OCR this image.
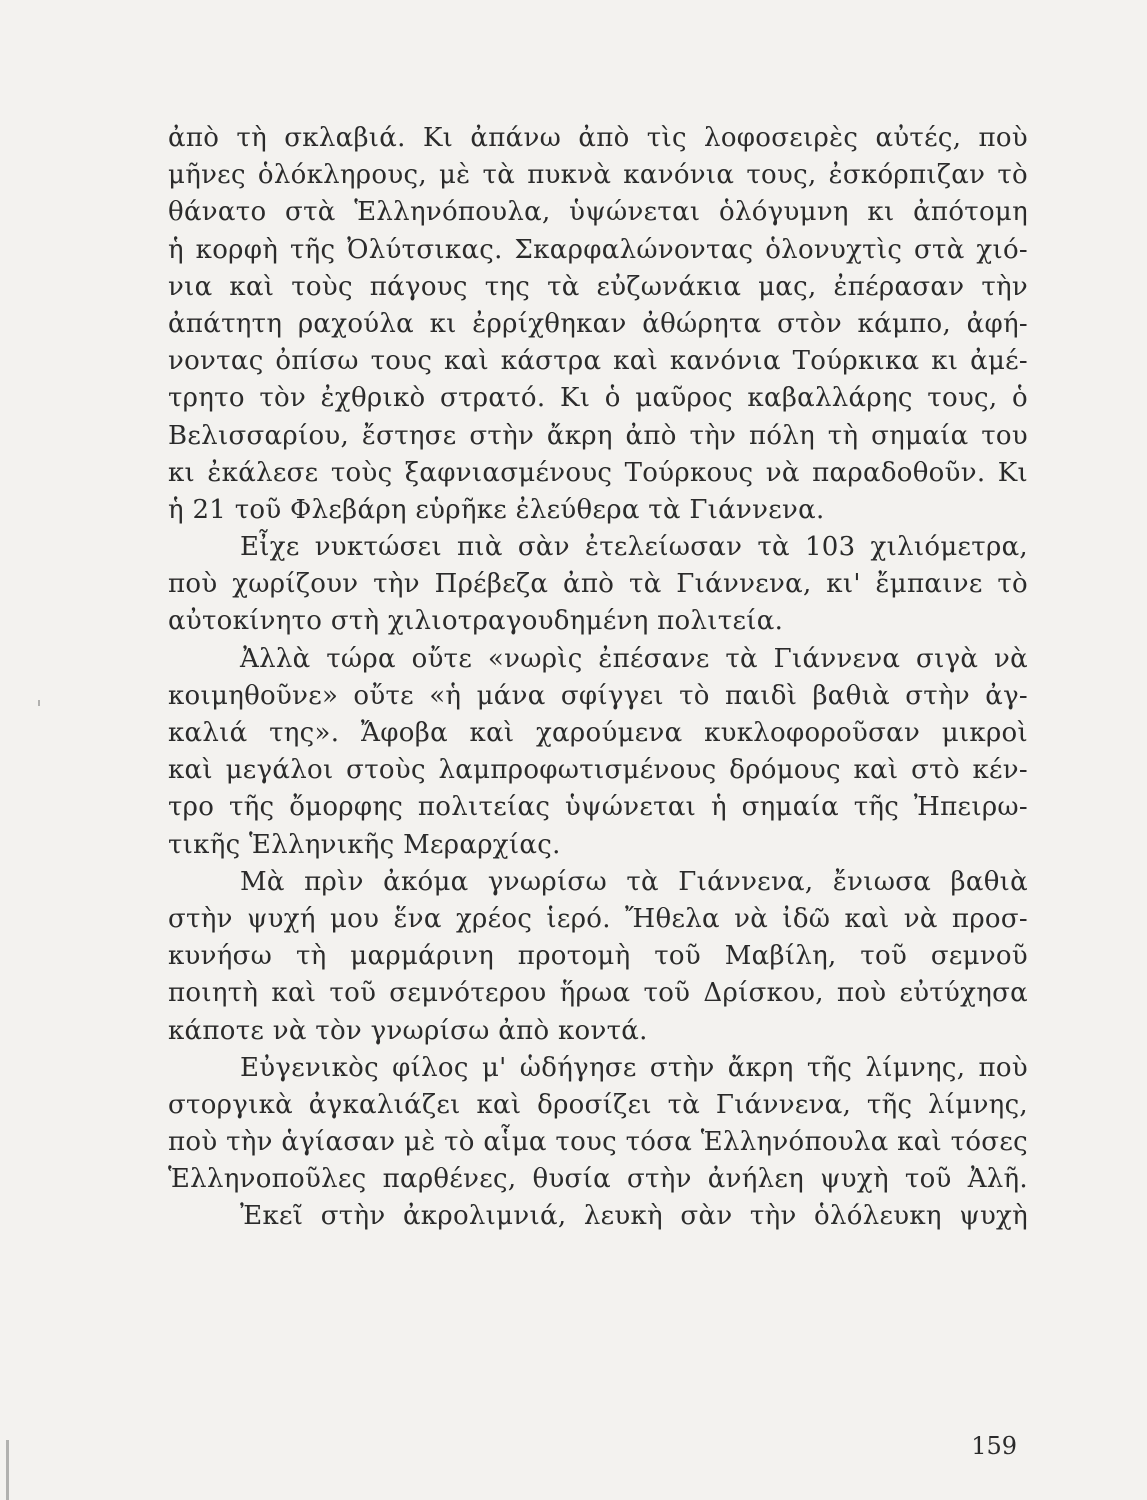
ἀπὸ τὴ σκλαβιά. Κι ἀπάνω ἀπὸ τὶς λοφοσειρὲς αὐτές, ποὺ
μῆνες ὁλόκληρους, μὲ τὰ πυκνὰ κανόνια τους, ἐσκόρπιζαν τὸ
θάνατο στὰ Ἑλληνόπουλα, ὑψώνεται ὁλόγυμνη κι ἀπότομη
ἡ κορφὴ τῆς Ὀλύτσικας. Σκαρφαλώνοντας ὁλονυχτὶς στὰ χιό-
νια καὶ τοὺς πάγους της τὰ εὐζωνάκια μας, ἐπέρασαν τὴν
ἀπάτητη ραχούλα κι ἐρρίχθηκαν ἀθώρητα στὸν κάμπο, ἀφή-
νοντας ὀπίσω τους καὶ κάστρα καὶ κανόνια Τούρκικα κι ἀμέ-
τρητο τὸν ἐχθρικὸ στρατό. Κι ὁ μαῦρος καβαλλάρης τους, ὁ
Βελισσαρίου, ἔστησε στὴν ἄκρη ἀπὸ τὴν πόλη τὴ σημαία του
κι ἐκάλεσε τοὺς ξαφνιασμένους Τούρκους νὰ παραδοθοῦν. Κι
ἡ 21 τοῦ Φλεβάρη εὑρῆκε ἐλεύθερα τὰ Γιάννενα.
Εἶχε νυκτώσει πιὰ σὰν ἐτελείωσαν τὰ 103 χιλιόμετρα,
ποὺ χωρίζουν τὴν Πρέβεζα ἀπὸ τὰ Γιάννενα, κι' ἔμπαινε τὸ
αὐτοκίνητο στὴ χιλιοτραγουδημένη πολιτεία.
Ἀλλὰ τώρα οὔτε «νωρὶς ἐπέσανε τὰ Γιάννενα σιγὰ νὰ
κοιμηθοῦνε» οὔτε «ἡ μάνα σφίγγει τὸ παιδὶ βαθιὰ στὴν ἀγ-
καλιά της». Ἄφοβα καὶ χαρούμενα κυκλοφοροῦσαν μικροὶ
καὶ μεγάλοι στοὺς λαμπροφωτισμένους δρόμους καὶ στὸ κέν-
τρο τῆς ὄμορφης πολιτείας ὑψώνεται ἡ σημαία τῆς Ἠπειρω-
τικῆς Ἑλληνικῆς Μεραρχίας.
Μὰ πρὶν ἀκόμα γνωρίσω τὰ Γιάννενα, ἔνιωσα βαθιὰ
στὴν ψυχή μου ἕνα χρέος ἱερό. Ἤθελα νὰ ἰδῶ καὶ νὰ προσ-
κυνήσω τὴ μαρμάρινη προτομὴ τοῦ Μαβίλη, τοῦ σεμνοῦ
ποιητὴ καὶ τοῦ σεμνότερου ἥρωα τοῦ Δρίσκου, ποὺ εὐτύχησα
κάποτε νὰ τὸν γνωρίσω ἀπὸ κοντά.
Εὐγενικὸς φίλος μ' ὡδήγησε στὴν ἄκρη τῆς λίμνης, ποὺ
στοργικὰ ἀγκαλιάζει καὶ δροσίζει τὰ Γιάννενα, τῆς λίμνης,
ποὺ τὴν ἁγίασαν μὲ τὸ αἷμα τους τόσα Ἑλληνόπουλα καὶ τόσες
Ἑλληνοποῦλες παρθένες, θυσία στὴν ἀνήλεη ψυχὴ τοῦ Ἀλῆ.
Ἐκεῖ στὴν ἀκρολιμνιά, λευκὴ σὰν τὴν ὁλόλευκη ψυχὴ
159
